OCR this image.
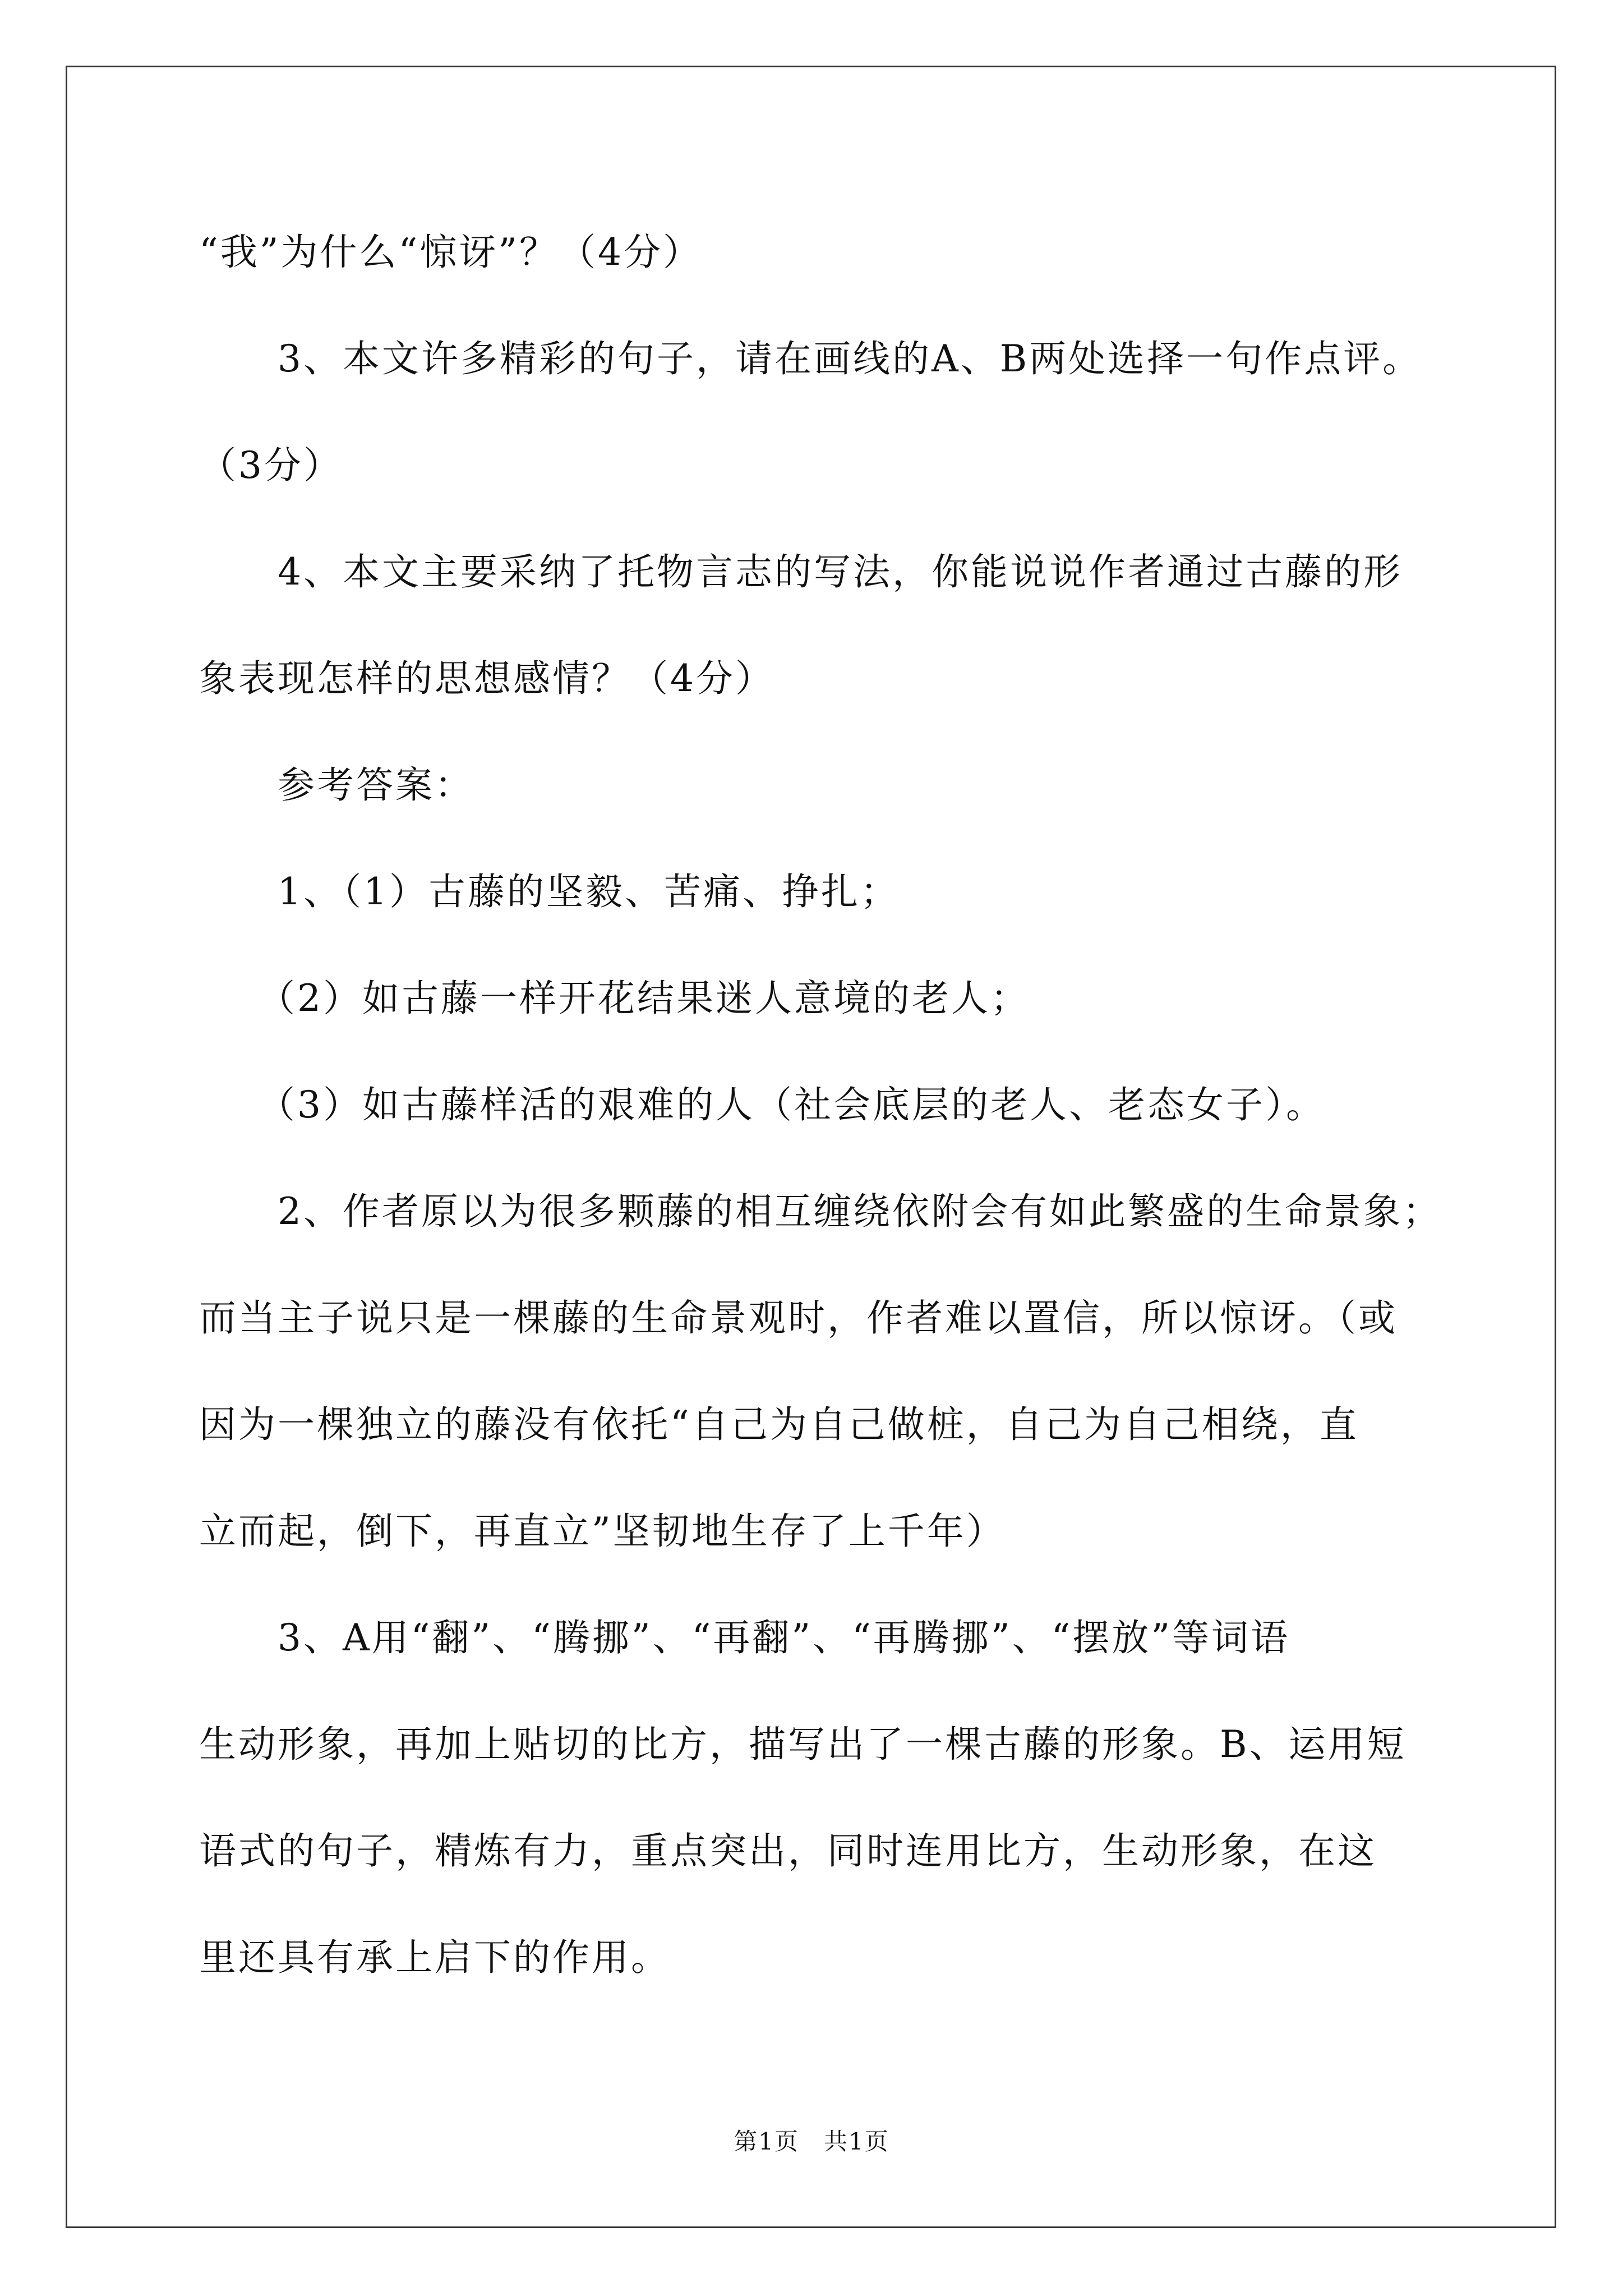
“我”为什么“惊讶”？（4分）
3、本文许多精彩的句子，请在画线的A、B两处选择一句作点评。
（3分）
4、本文主要采纳了托物言志的写法，你能说说作者通过古藤的形
象表现怎样的思想感情？（4分）
参考答案：
1、（1）古藤的坚毅、苦痛、挣扎；
（2）如古藤一样开花结果迷人意境的老人；
（3）如古藤样活的艰难的人（社会底层的老人、老态女子）。
2、作者原以为很多颗藤的相互缠绕依附会有如此繁盛的生命景象；
而当主子说只是一棵藤的生命景观时，作者难以置信，所以惊讶。（或
因为一棵独立的藤没有依托“自己为自己做桩，自己为自己相绕，直
立而起，倒下，再直立”坚韧地生存了上千年）
3、A用“翻”、“腾挪”、“再翻”、“再腾挪”、“摆放”等词语
生动形象，再加上贴切的比方，描写出了一棵古藤的形象。B、运用短
语式的句子，精炼有力，重点突出，同时连用比方，生动形象，在这
里还具有承上启下的作用。
第1页　共1页
